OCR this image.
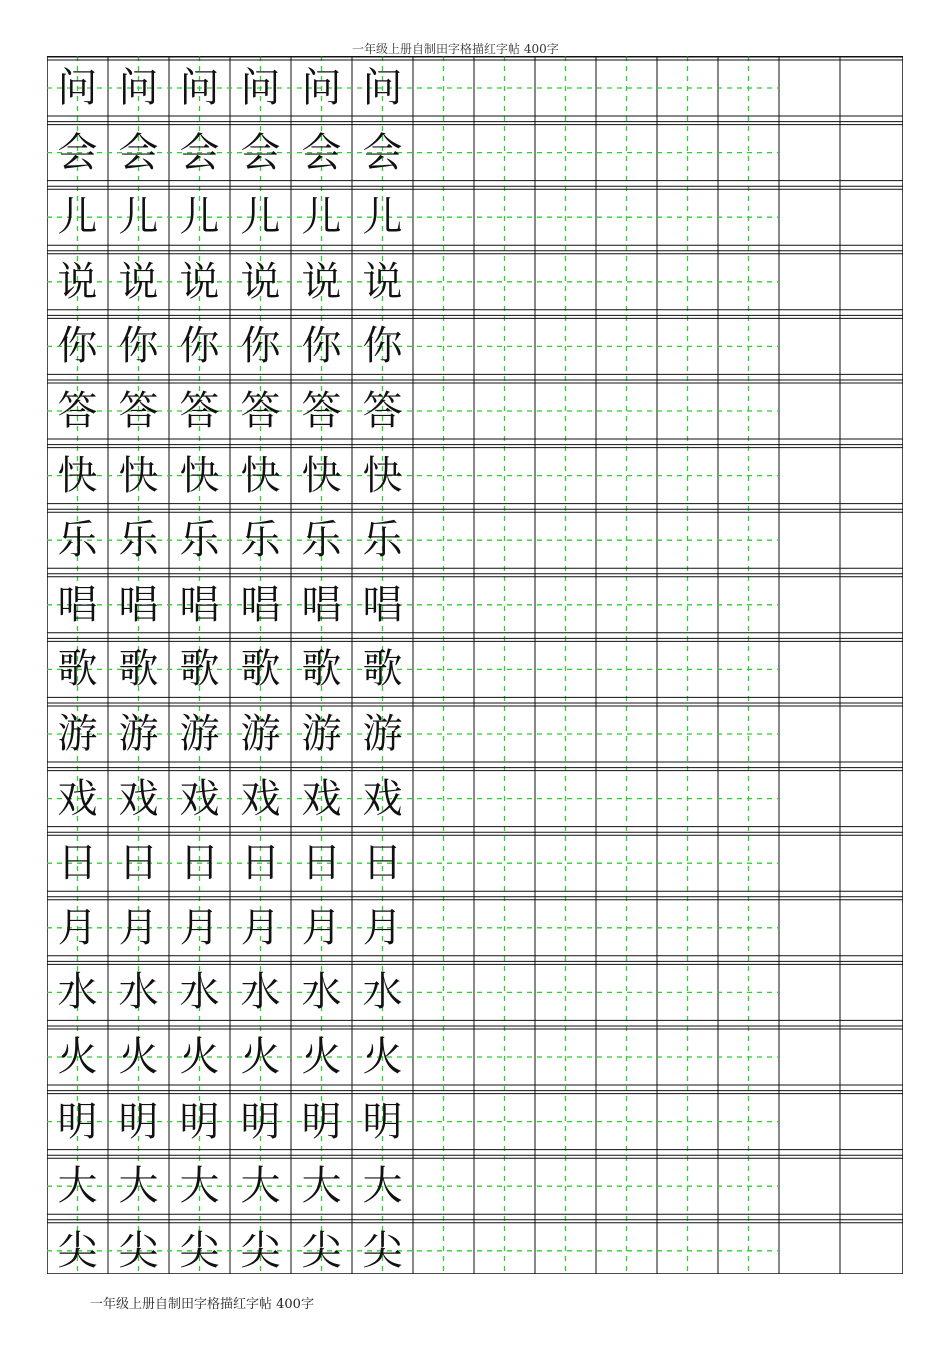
一年级上册自制田字格描红字帖 400字
问 问 问 问 问 问
会 会 会 会 会 会
儿 儿 儿 儿 儿 儿
说 说 说 说 说 说
你 你 你 你 你 你
答 答 答 答 答 答
快 快 快 快 快 快
乐 乐 乐 乐 乐 乐
唱 唱 唱 唱 唱 唱
歌 歌 歌 歌 歌 歌
游 游 游 游 游 游
戏 戏 戏 戏 戏 戏
日 日 日 日 日 日
月 月 月 月 月 月
水 水 水 水 水 水
火 火 火 火 火 火
明 明 明 明 明 明
大 大 大 大 大 大
尖 尖 尖 尖 尖 尖
一年级上册自制田字格描红字帖 400字
